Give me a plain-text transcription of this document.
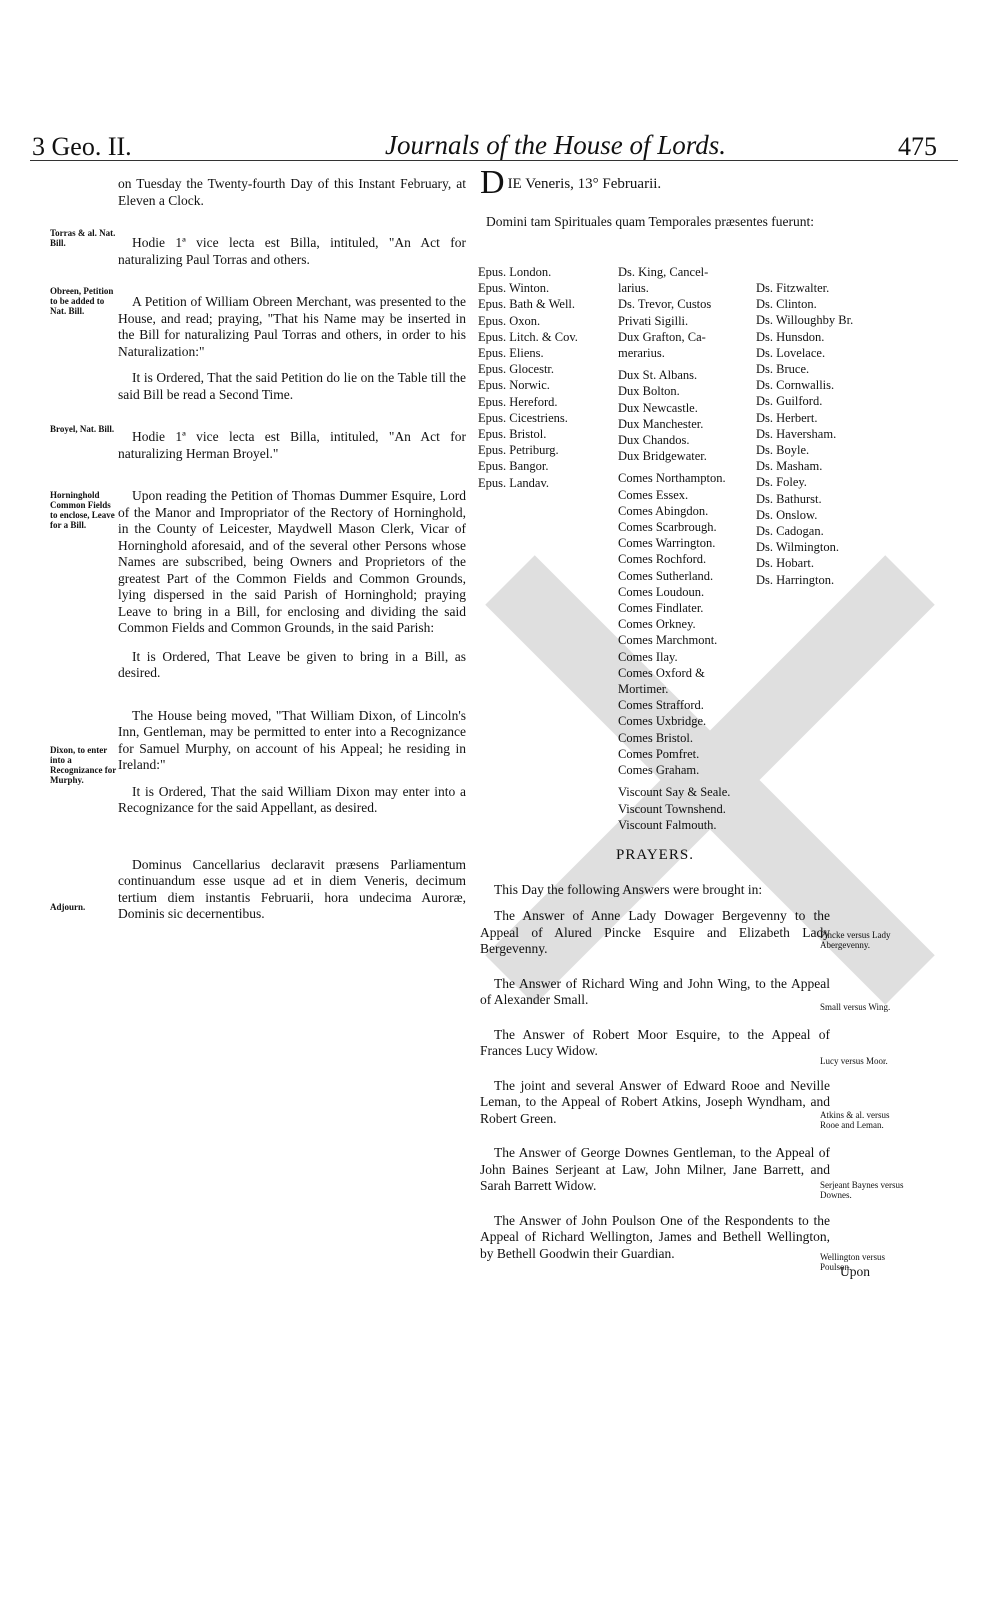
3 Geo. II.	Journals of the House of Lords.	475

on Tuesday the Twenty-fourth Day of this Instant February, at Eleven a Clock.

Hodie 1ª vice lecta est Billa, intituled, "An Act for naturalizing Paul Torras and others.

A Petition of William Obreen Merchant, was presented to the House, and read; praying, "That his Name may be inserted in the Bill for naturalizing Paul Torras and others, in order to his Naturalization:"

It is Ordered, That the said Petition do lie on the Table till the said Bill be read a Second Time.

Hodie 1ª vice lecta est Billa, intituled, "An Act for naturalizing Herman Broyel."

Upon reading the Petition of Thomas Dummer Esquire, Lord of the Manor and Impropriator of the Rectory of Horninghold, in the County of Leicester, Maydwell Mason Clerk, Vicar of Horninghold aforesaid, and of the several other Persons whose Names are subscribed, being Owners and Proprietors of the greatest Part of the Common Fields and Common Grounds, lying dispersed in the said Parish of Horninghold; praying Leave to bring in a Bill, for enclosing and dividing the said Common Fields and Common Grounds, in the said Parish:

It is Ordered, That Leave be given to bring in a Bill, as desired.

The House being moved, "That William Dixon, of Lincoln's Inn, Gentleman, may be permitted to enter into a Recognizance for Samuel Murphy, on account of his Appeal; he residing in Ireland:"

It is Ordered, That the said William Dixon may enter into a Recognizance for the said Appellant, as desired.

Dominus Cancellarius declaravit præsens Parliamentum continuandum esse usque ad et in diem Veneris, decimum tertium diem instantis Februarii, hora undecima Auroræ, Dominis sic decernentibus.

Torras & al. Nat. Bill.
Obreen, Petition to be added to Nat. Bill.
Broyel, Nat. Bill.
Horninghold Common Fields to enclose, Leave for a Bill.
Dixon, to enter into a Recognizance for Murphy.
Adjourn.
D IE Veneris, 13° Februarii.

Domini tam Spirituales quam Temporales præsentes fuerunt:

Epus. London.
Epus. Winton.
Epus. Bath & Well.
Epus. Oxon.
Epus. Litch. & Cov.
Epus. Eliens.
Epus. Glocestr.
Epus. Norwic.
Epus. Hereford.
Epus. Cicestriens.
Epus. Bristol.
Epus. Petriburg.
Epus. Bangor.
Epus. Landav.
Ds. King, Cancel-
larius.
Ds. Trevor, Custos
Privati Sigilli.
Dux Grafton, Ca-
merarius.

Dux St. Albans.
Dux Bolton.
Dux Newcastle.
Dux Manchester.
Dux Chandos.
Dux Bridgewater.

Comes Northampton.
Comes Essex.
Comes Abingdon.
Comes Scarbrough.
Comes Warrington.
Comes Rochford.
Comes Sutherland.
Comes Loudoun.
Comes Findlater.
Comes Orkney.
Comes Marchmont.
Comes Ilay.
Comes Oxford &
Mortimer.
Comes Strafford.
Comes Uxbridge.
Comes Bristol.
Comes Pomfret.
Comes Graham.

Viscount Say & Seale.
Viscount Townshend.
Viscount Falmouth.
Ds. Fitzwalter.
Ds. Clinton.
Ds. Willoughby Br.
Ds. Hunsdon.
Ds. Lovelace.
Ds. Bruce.
Ds. Cornwallis.
Ds. Guilford.
Ds. Herbert.
Ds. Haversham.
Ds. Boyle.
Ds. Masham.
Ds. Foley.
Ds. Bathurst.
Ds. Onslow.
Ds. Cadogan.
Ds. Wilmington.
Ds. Hobart.
Ds. Harrington.
PRAYERS.

This Day the following Answers were brought in:

The Answer of Anne Lady Dowager Bergevenny to the Appeal of Alured Pincke Esquire and Elizabeth Lady Bergevenny.

The Answer of Richard Wing and John Wing, to the Appeal of Alexander Small.

The Answer of Robert Moor Esquire, to the Appeal of Frances Lucy Widow.

The joint and several Answer of Edward Rooe and Neville Leman, to the Appeal of Robert Atkins, Joseph Wyndham, and Robert Green.

The Answer of George Downes Gentleman, to the Appeal of John Baines Serjeant at Law, John Milner, Jane Barrett, and Sarah Barrett Widow.

The Answer of John Poulson One of the Respondents to the Appeal of Richard Wellington, James and Bethell Wellington, by Bethell Goodwin their Guardian.

Upon
Pincke versus Lady Abergevenny.
Small versus Wing.
Lucy versus Moor.
Atkins & al. versus Rooe and Leman.
Serjeant Baynes versus Downes.
Wellington versus Poulson.
